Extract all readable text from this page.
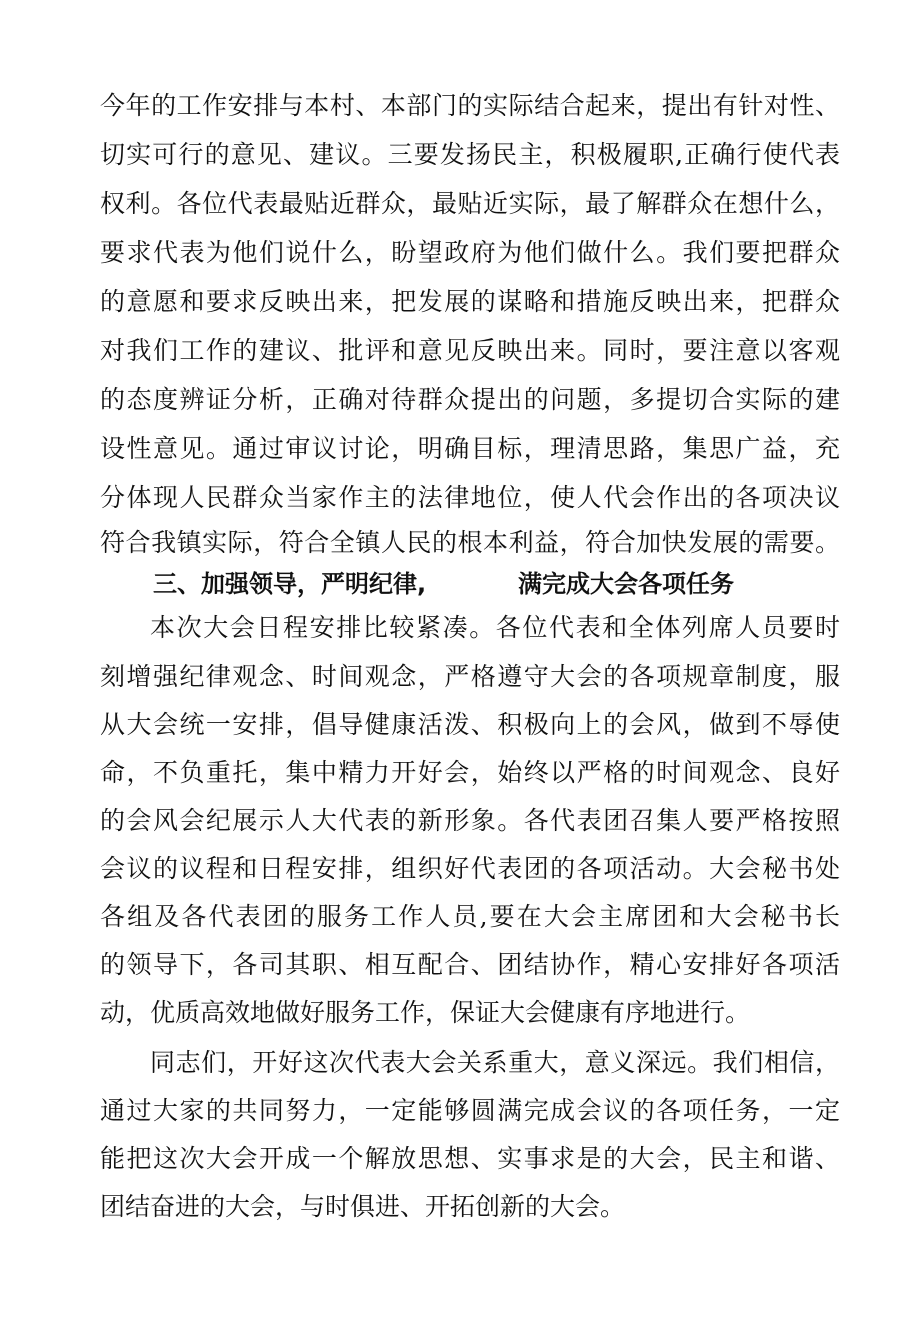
今年的工作安排与本村、本部门的实际结合起来，提出有针对性、
切实可行的意见、建议。三要发扬民主，积极履职,正确行使代表
权利。各位代表最贴近群众，最贴近实际，最了解群众在想什么，
要求代表为他们说什么，盼望政府为他们做什么。我们要把群众
的意愿和要求反映出来，把发展的谋略和措施反映出来，把群众
对我们工作的建议、批评和意见反映出来。同时，要注意以客观
的态度辨证分析，正确对待群众提出的问题，多提切合实际的建
设性意见。通过审议讨论，明确目标，理清思路，集思广益，充
分体现人民群众当家作主的法律地位，使人代会作出的各项决议
符合我镇实际，符合全镇人民的根本利益，符合加快发展的需要。
三、加强领导，严明纪律,	满完成大会各项任务
本次大会日程安排比较紧凑。各位代表和全体列席人员要时
刻增强纪律观念、时间观念，严格遵守大会的各项规章制度，服
从大会统一安排，倡导健康活泼、积极向上的会风，做到不辱使
命，不负重托，集中精力开好会，始终以严格的时间观念、良好
的会风会纪展示人大代表的新形象。各代表团召集人要严格按照
会议的议程和日程安排，组织好代表团的各项活动。大会秘书处
各组及各代表团的服务工作人员,要在大会主席团和大会秘书长
的领导下，各司其职、相互配合、团结协作，精心安排好各项活
动，优质高效地做好服务工作，保证大会健康有序地进行。
同志们，开好这次代表大会关系重大，意义深远。我们相信，
通过大家的共同努力，一定能够圆满完成会议的各项任务，一定
能把这次大会开成一个解放思想、实事求是的大会，民主和谐、
团结奋进的大会，与时俱进、开拓创新的大会。
